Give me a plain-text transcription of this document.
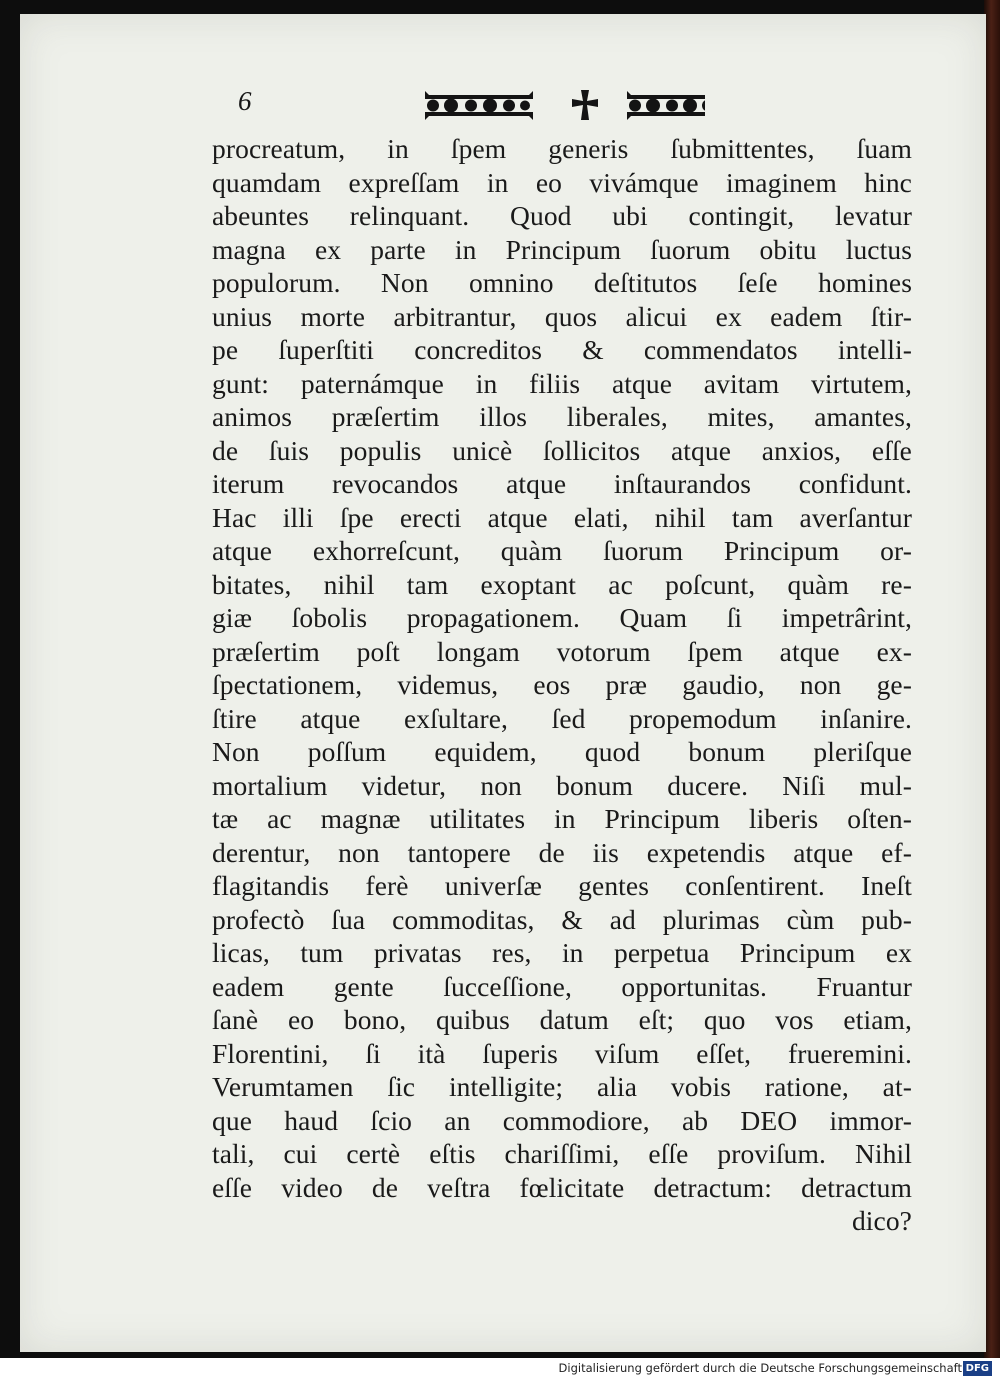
6
procreatum, in ſpem generis ſubmittentes, ſuam
quamdam expreſſam in eo vivámque imaginem hinc
abeuntes relinquant. Quod ubi contingit, levatur
magna ex parte in Principum ſuorum obitu luctus
populorum. Non omnino deſtitutos ſeſe homines
unius morte arbitrantur, quos alicui ex eadem ſtir-
pe ſuperſtiti concreditos & commendatos intelli-
gunt: paternámque in filiis atque avitam virtutem,
animos præſertim illos liberales, mites, amantes,
de ſuis populis unicè ſollicitos atque anxios, eſſe
iterum revocandos atque inſtaurandos confidunt.
Hac illi ſpe erecti atque elati, nihil tam averſantur
atque exhorreſcunt, quàm ſuorum Principum or-
bitates, nihil tam exoptant ac poſcunt, quàm re-
giæ ſobolis propagationem. Quam ſi impetrârint,
præſertim poſt longam votorum ſpem atque ex-
ſpectationem, videmus, eos præ gaudio, non ge-
ſtire atque exſultare, ſed propemodum inſanire.
Non poſſum equidem, quod bonum pleriſque
mortalium videtur, non bonum ducere. Niſi mul-
tæ ac magnæ utilitates in Principum liberis oſten-
derentur, non tantopere de iis expetendis atque ef-
flagitandis ferè univerſæ gentes conſentirent. Ineſt
profectò ſua commoditas, & ad plurimas cùm pub-
licas, tum privatas res, in perpetua Principum ex
eadem gente ſucceſſione, opportunitas. Fruantur
ſanè eo bono, quibus datum eſt; quo vos etiam,
Florentini, ſi ità ſuperis viſum eſſet, frueremini.
Verumtamen ſic intelligite; alia vobis ratione, at-
que haud ſcio an commodiore, ab DEO immor-
tali, cui certè eſtis chariſſimi, eſſe proviſum. Nihil
eſſe video de veſtra fœlicitate detractum: detractum
dico?
Digitalisierung gefördert durch die Deutsche Forschungsgemeinschaft DFG
